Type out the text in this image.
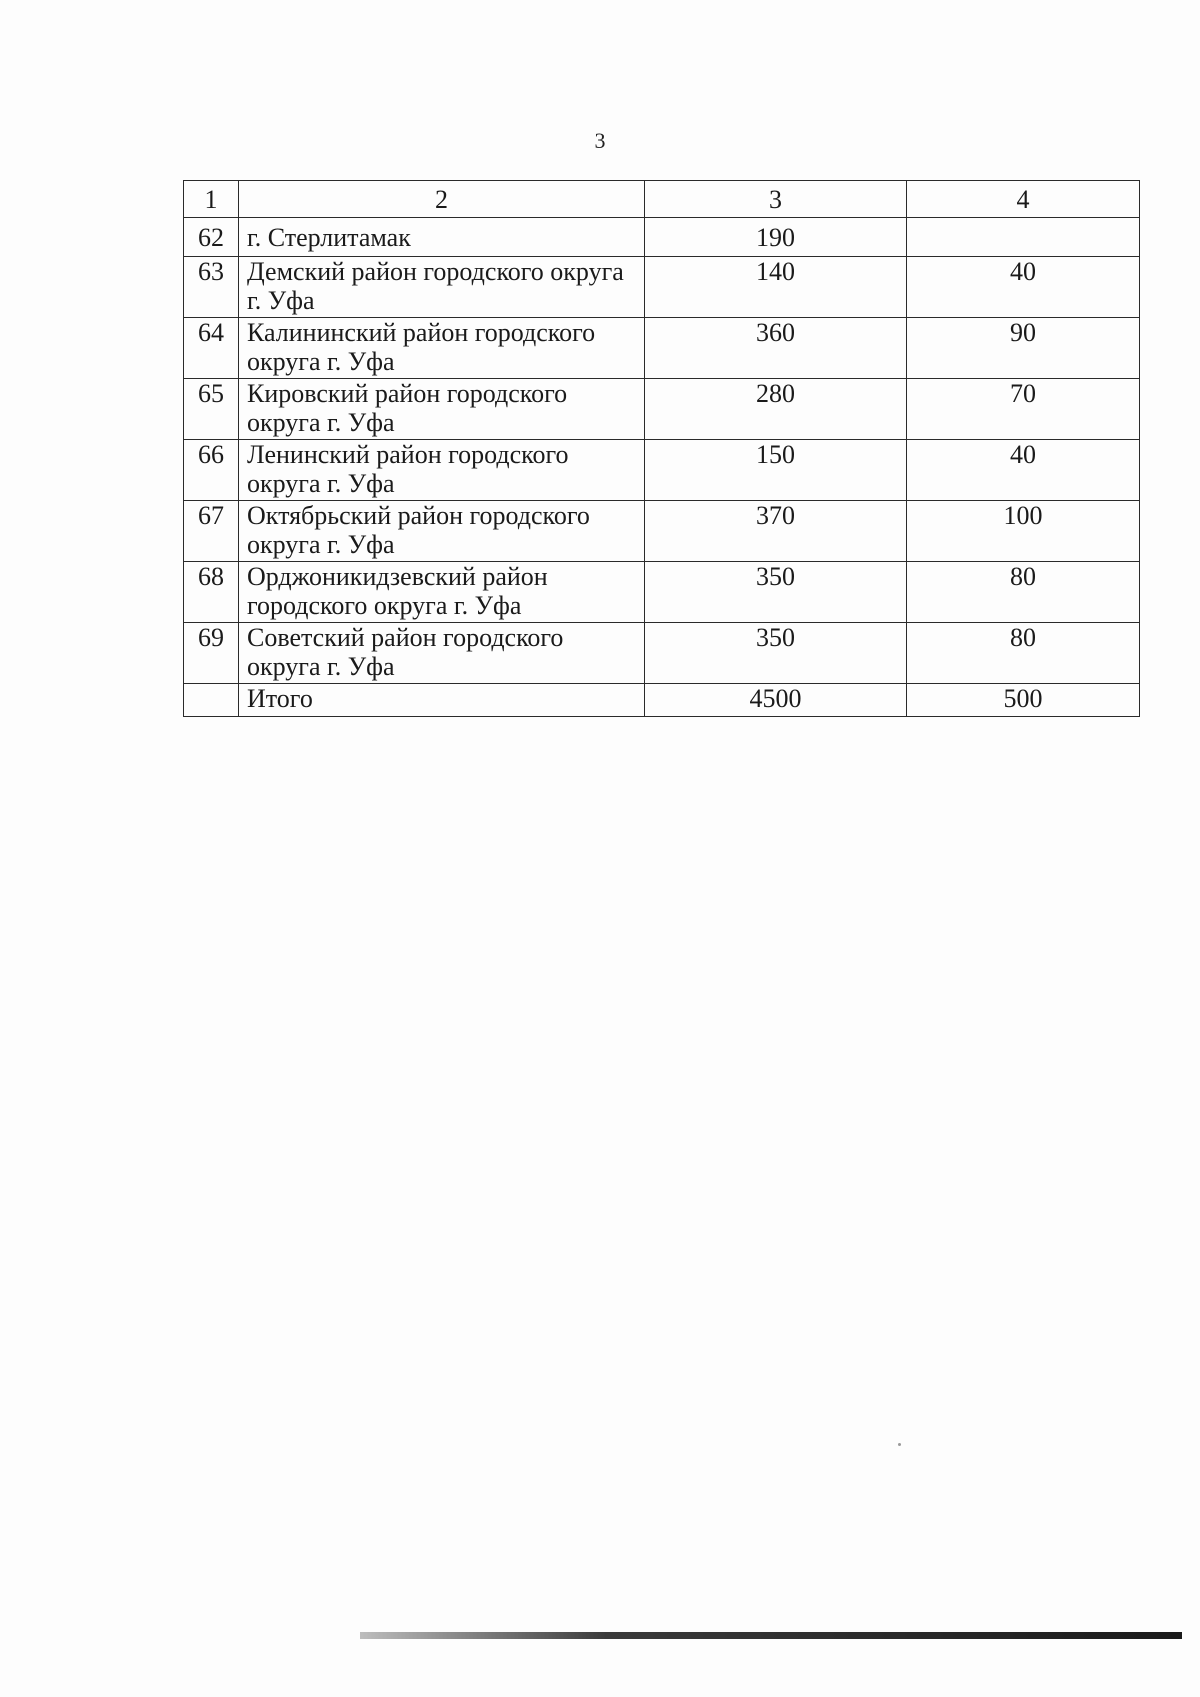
3
1	2	3	4
62	г. Стерлитамак	190	
63	Демский район городского округа г. Уфа	140	40
64	Калининский район городского округа г. Уфа	360	90
65	Кировский район городского округа г. Уфа	280	70
66	Ленинский район городского округа г. Уфа	150	40
67	Октябрьский район городского округа г. Уфа	370	100
68	Орджоникидзевский район городского округа г. Уфа	350	80
69	Советский район городского округа г. Уфа	350	80
	Итого	4500	500
